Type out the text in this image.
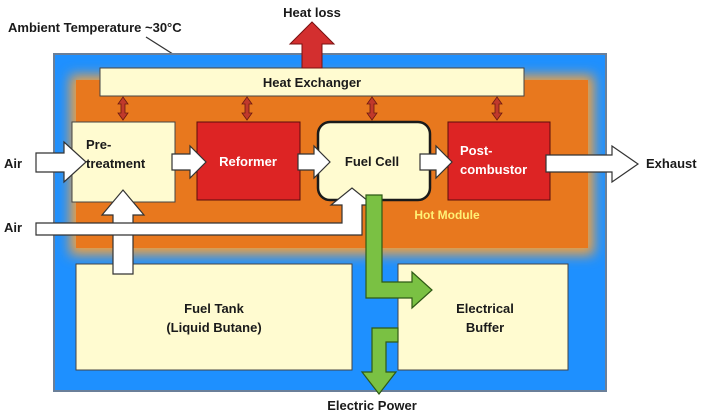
Ambient Temperature ~30°C
Heat Exchanger
Heat loss
Pre-
treatment	Reformer	Fuel Cell
Post-
combustor
Hot Module
Fuel Tank
(Liquid Butane)
Electrical
Buffer
Air
Air
Exhaust
Electric Power
